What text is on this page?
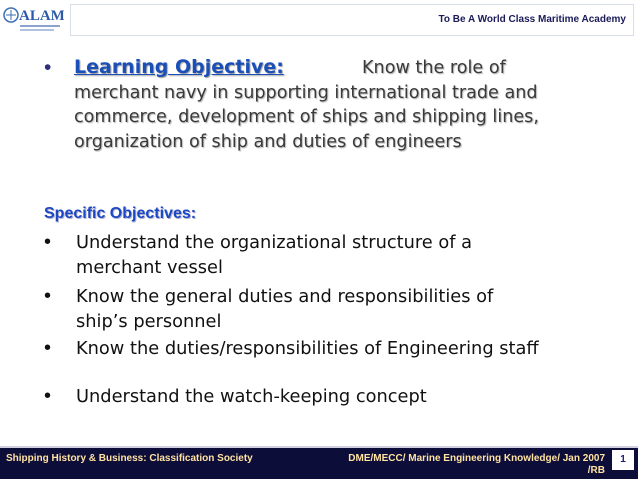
ALAM	To Be A World Class Maritime Academy
• Learning Objective:	Know the role of merchant navy in supporting international trade and commerce, development of ships and shipping lines, organization of ship and duties of engineers
Specific Objectives:
• Understand the organizational structure of a merchant vessel
• Know the general duties and responsibilities of ship’s personnel
• Know the duties/responsibilities of Engineering staff
• Understand the watch-keeping concept
Shipping History & Business: Classification Society	DME/MECC/ Marine Engineering Knowledge/ Jan 2007 /RB
1
